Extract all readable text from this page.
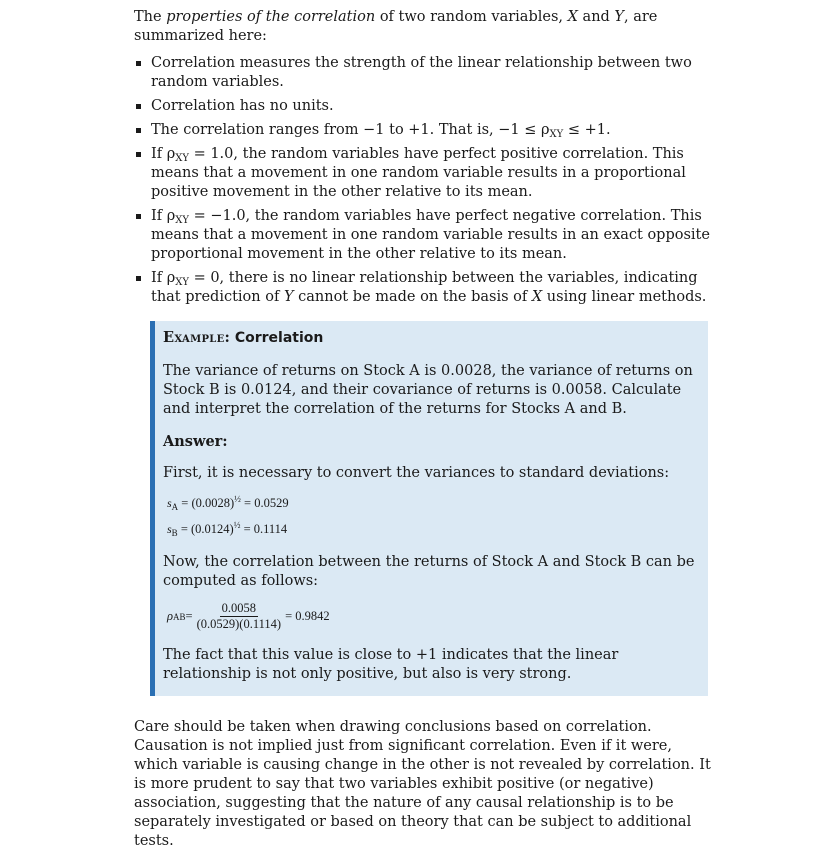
The properties of the correlation of two random variables, X and Y, are summarized here:

Correlation measures the strength of the linear relationship between two random variables.
Correlation has no units.
The correlation ranges from −1 to +1. That is, $-1 \le \rho_{XY} \le +1$.
If $\rho_{XY} = 1.0$, the random variables have perfect positive correlation. This means that a movement in one random variable results in a proportional positive movement in the other relative to its mean.
If $\rho_{XY} = -1.0$, the random variables have perfect negative correlation. This means that a movement in one random variable results in an exact opposite proportional movement in the other relative to its mean.
If $\rho_{XY} = 0$, there is no linear relationship between the variables, indicating that prediction of Y cannot be made on the basis of X using linear methods.
Example: Correlation

The variance of returns on Stock A is 0.0028, the variance of returns on Stock B is 0.0124, and their covariance of returns is 0.0058. Calculate and interpret the correlation of the returns for Stocks A and B.

Answer:

First, it is necessary to convert the variances to standard deviations:

$s_A = (0.0028)^{\frac{1}{2}} = 0.0529$
$s_B = (0.0124)^{\frac{1}{2}} = 0.1114$

Now, the correlation between the returns of Stock A and Stock B can be computed as follows:

ρ AB = $\frac{0.0058}{(0.0529)(0.1114)} = 0.9842$

The fact that this value is close to +1 indicates that the linear relationship is not only positive, but also is very strong.

Care should be taken when drawing conclusions based on correlation. Causation is not implied just from significant correlation. Even if it were, which variable is causing change in the other is not revealed by correlation. It is more prudent to say that two variables exhibit positive (or negative) association, suggesting that the nature of any causal relationship is to be separately investigated or based on theory that can be subject to additional tests.
